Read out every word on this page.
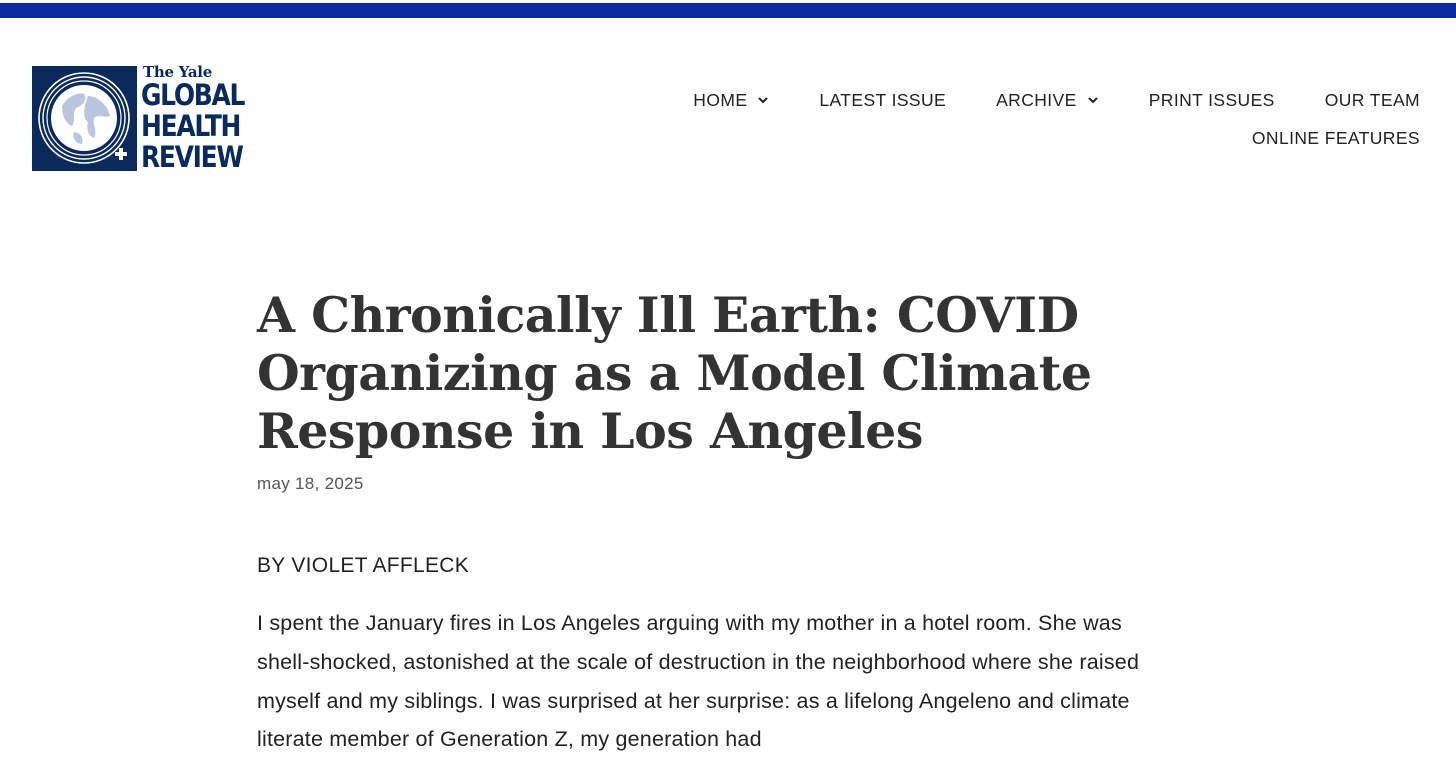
The Yale
GLOBAL
HEALTH
REVIEW
HOME	LATEST ISSUE	ARCHIVE	PRINT ISSUES	OUR TEAM
ONLINE FEATURES
A Chronically Ill Earth: COVID Organizing as a Model Climate Response in Los Angeles
may 18, 2025
BY VIOLET AFFLECK

I spent the January fires in Los Angeles arguing with my mother in a hotel room. She was shell-shocked, astonished at the scale of destruction in the neighborhood where she raised myself and my siblings. I was surprised at her surprise: as a lifelong Angeleno and climate literate member of Generation Z, my generation had
